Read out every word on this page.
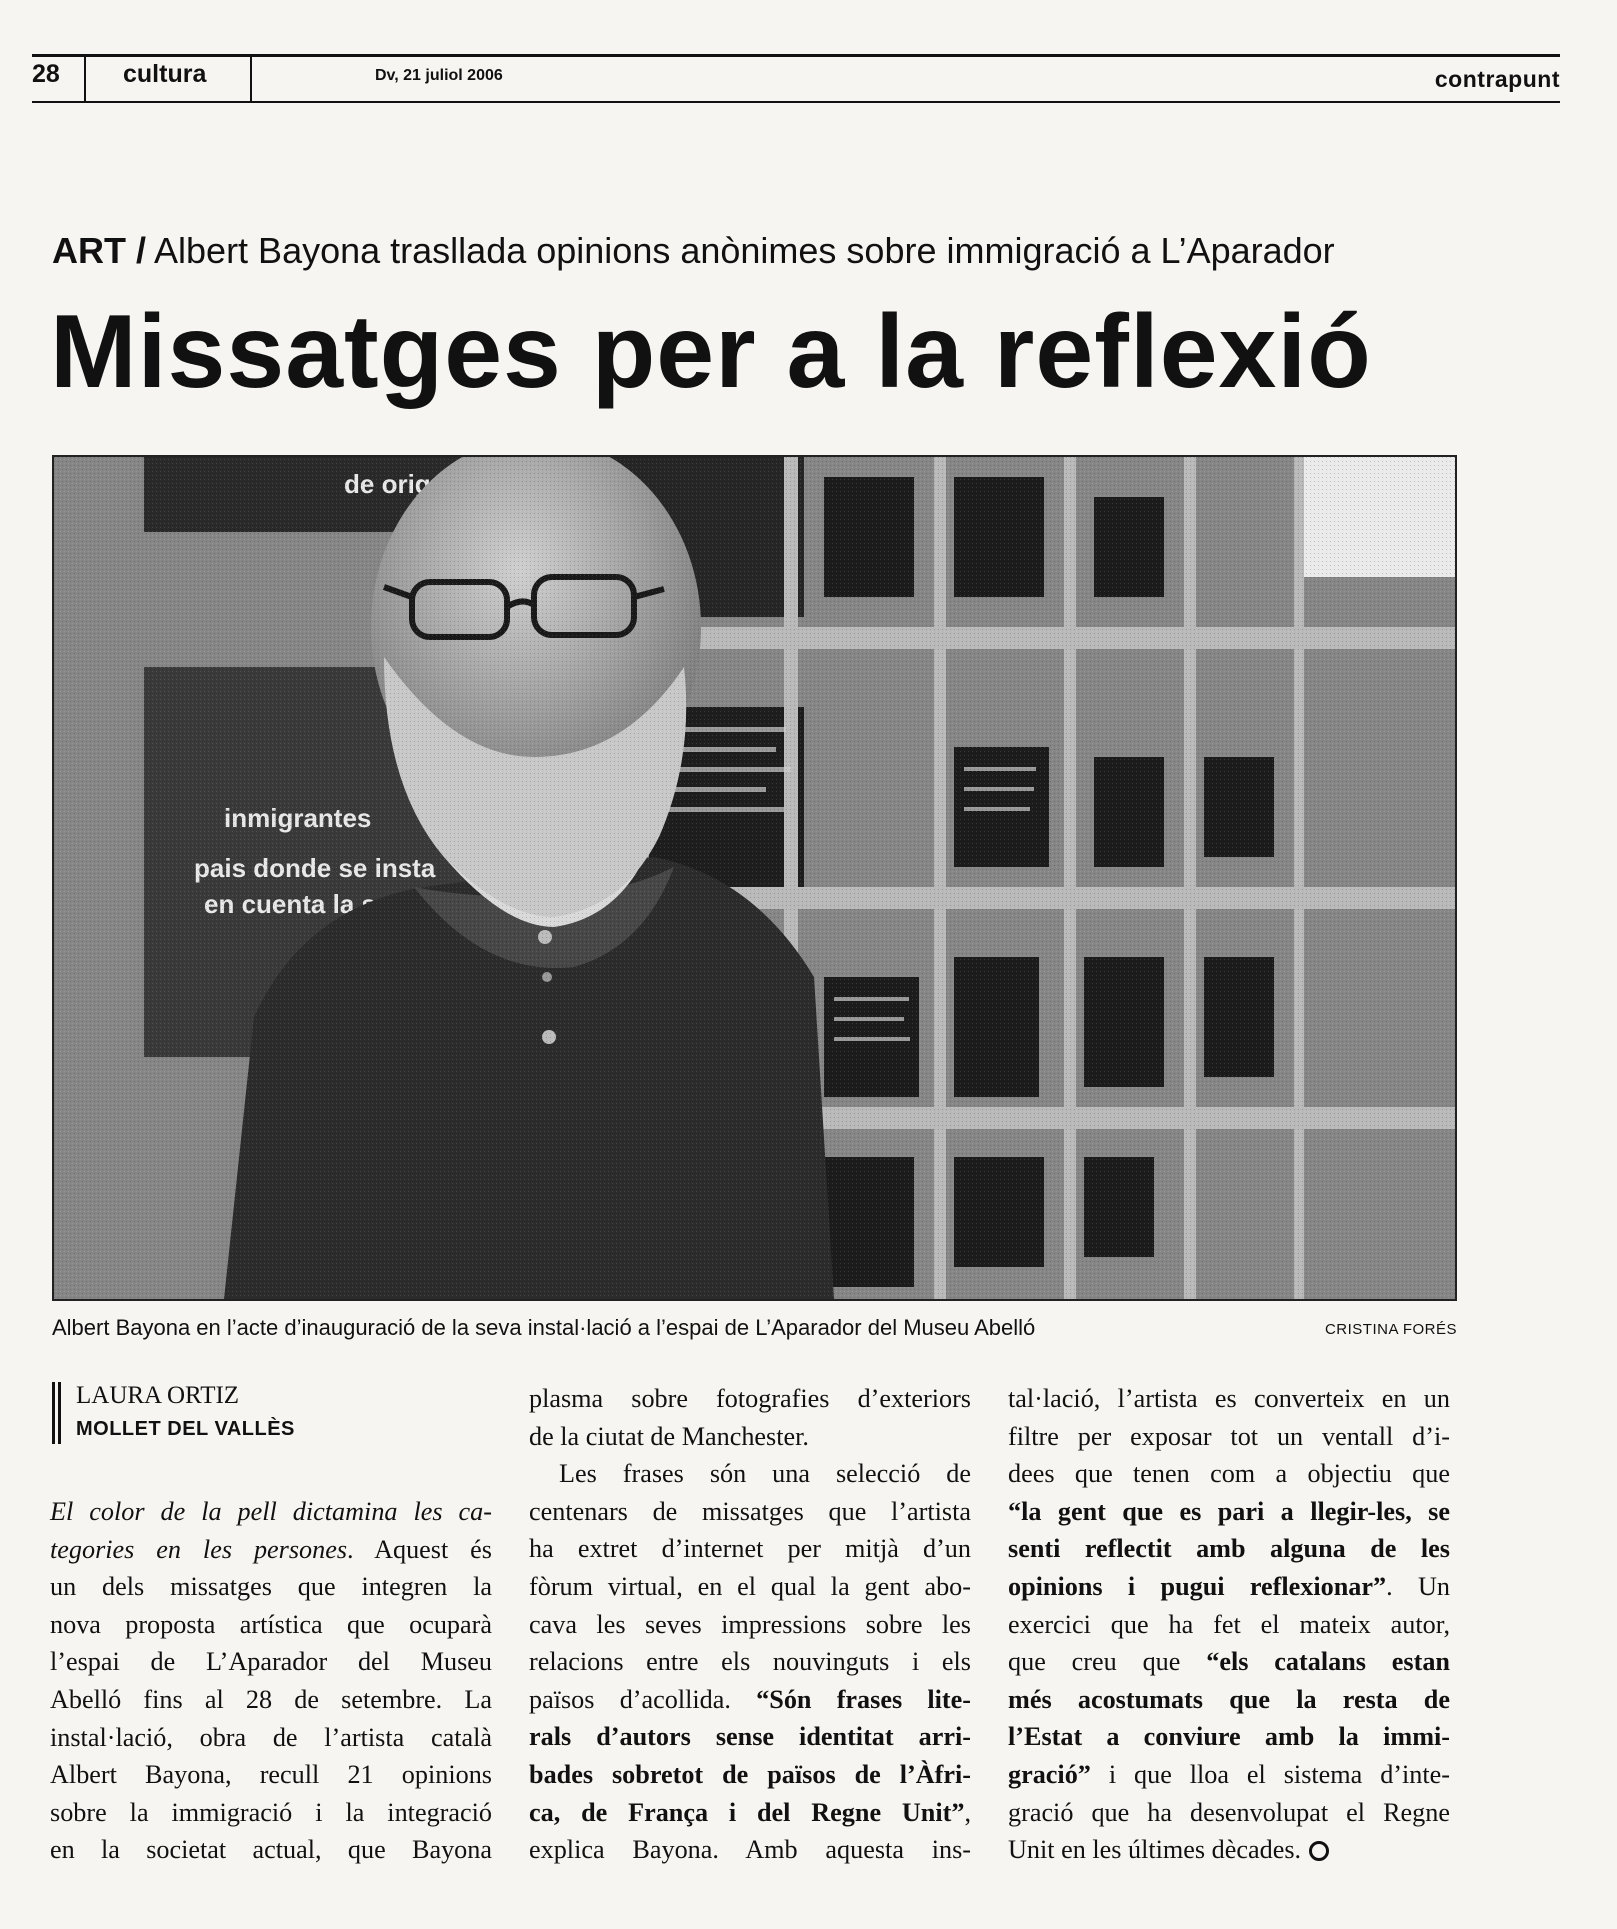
28	cultura	Dv, 21 juliol 2006	contrapunt
ART / Albert Bayona trasllada opinions anònimes sobre immigració a L’Aparador
Missatges per a la reflexió
Albert Bayona en l’acte d’inauguració de la seva instal·lació a l’espai de L’Aparador del Museu Abelló	CRISTINA FORÉS
LAURA ORTIZ
MOLLET DEL VALLÈS
El color de la pell dictamina les ca-
tegories en les persones. Aquest és
un dels missatges que integren la
nova proposta artística que ocuparà
l’espai de L’Aparador del Museu
Abelló fins al 28 de setembre. La
instal·lació, obra de l’artista català
Albert Bayona, recull 21 opinions
sobre la immigració i la integració
en la societat actual, que Bayona
plasma sobre fotografies d’exteriors
de la ciutat de Manchester.
Les frases són una selecció de
centenars de missatges que l’artista
ha extret d’internet per mitjà d’un
fòrum virtual, en el qual la gent abo-
cava les seves impressions sobre les
relacions entre els nouvinguts i els
països d’acollida. “Són frases lite-
rals d’autors sense identitat arri-
bades sobretot de països de l’Àfri-
ca, de França i del Regne Unit”,
explica Bayona. Amb aquesta ins-
tal·lació, l’artista es converteix en un
filtre per exposar tot un ventall d’i-
dees que tenen com a objectiu que
“la gent que es pari a llegir-les, se
senti reflectit amb alguna de les
opinions i pugui reflexionar”. Un
exercici que ha fet el mateix autor,
que creu que “els catalans estan
més acostumats que la resta de
l’Estat a conviure amb la immi-
gració” i que lloa el sistema d’inte-
gració que ha desenvolupat el Regne
Unit en les últimes dècades.
